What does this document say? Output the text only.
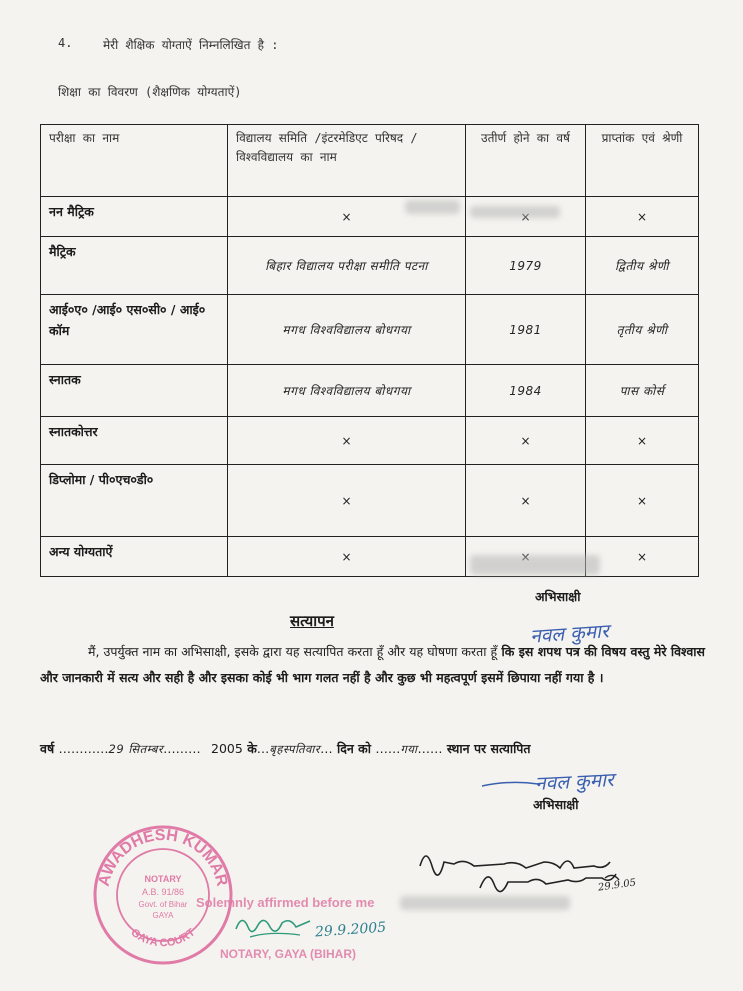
4.	मेरी शैक्षिक योग्ताऐं निम्नलिखित है :
शिक्षा का विवरण (शैक्षणिक योग्यताऐं)
परीक्षा का नाम	विद्यालय समिति /इंटरमेडिएट परिषद / विश्वविद्यालय का नाम	उतीर्ण होने का वर्ष	प्राप्तांक एवं श्रेणी
नन मैट्रिक	×		×
मैट्रिक	बिहार विद्यालय परीक्षा समीति पटना	1979	द्वितीय श्रेणी
आई०ए० /आई० एस०सी० / आई० कॉम	मगध विश्वविद्यालय बोधगया	1981	तृतीय श्रेणी
स्नातक	मगध विश्वविद्यालय बोधगया	1984	पास कोर्स
स्नातकोत्तर	×	×	×
डिप्लोमा / पी०एच०डी०	×	×	×
अन्य योग्यताऐं	×		×
अभिसाक्षी
सत्यापन	नवल कुमार
मैं, उपर्युक्त नाम का अभिसाक्षी, इसके द्वारा यह सत्यापित करता हूँ और यह घोषणा करता हूँ कि इस शपथ पत्र की विषय वस्तु मेरे विश्वास और जानकारी में सत्य और सही है और इसका कोई भी भाग गलत नहीं है और कुछ भी महत्वपूर्ण इसमें छिपाया नहीं गया है ।
वर्ष …………29 सितम्बर……… 2005 के…बृहस्पतिवार… दिन को ……गया…… स्थान पर सत्यापित
नवल कुमार
अभिसाक्षी
29.9.05
AWADHESH KUMAR
GAYA COURT
NOTARY
A.B. 91/86
Govt. of Bihar
GAYA
Solemnly affirmed before me
NOTARY, GAYA (BIHAR)
29.9.2005
